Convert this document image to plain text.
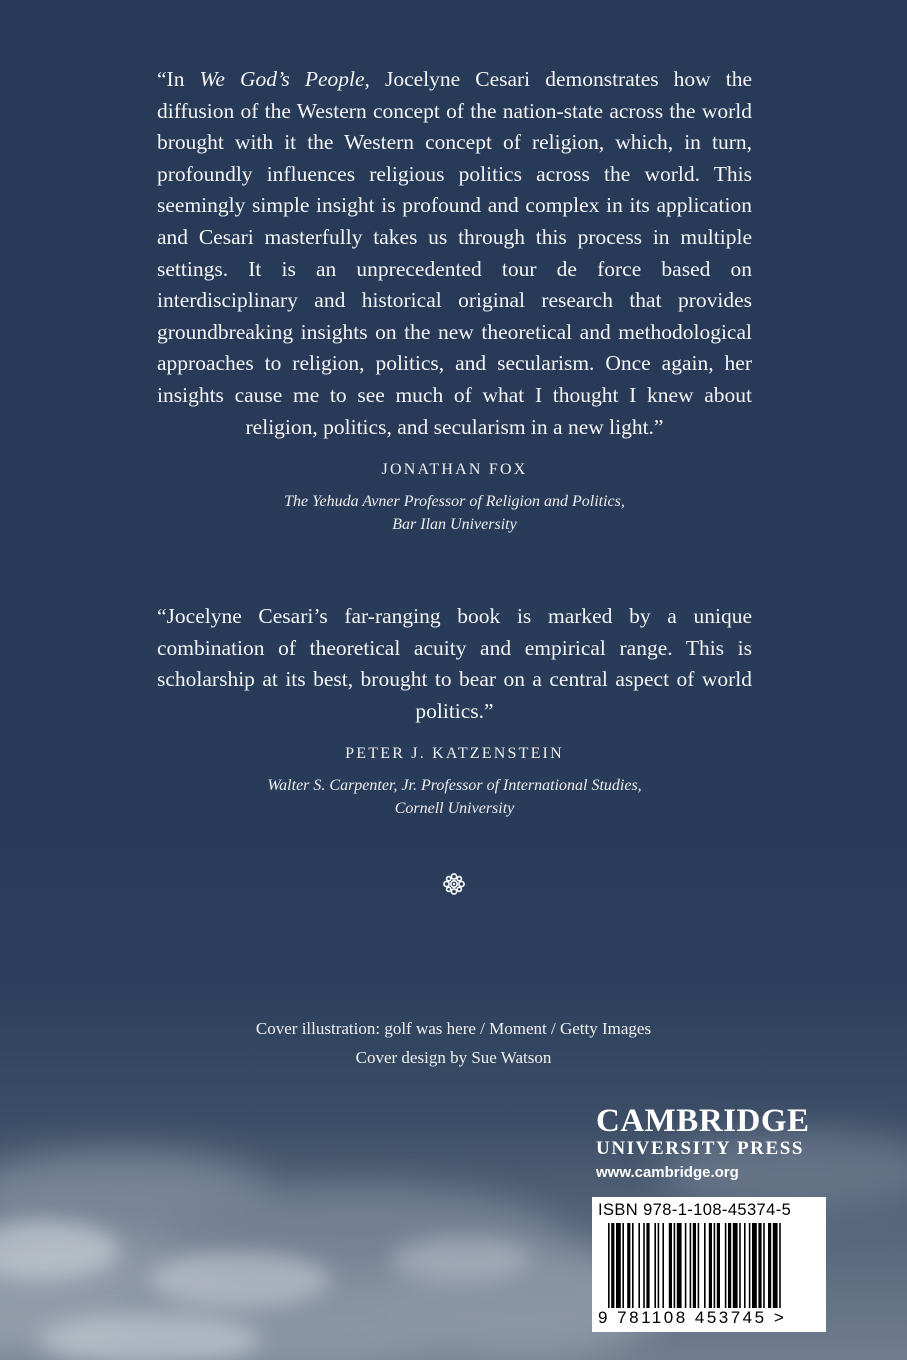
“In We God’s People, Jocelyne Cesari demonstrates how the diffusion of the Western concept of the nation-state across the world brought with it the Western concept of religion, which, in turn, profoundly influences religious politics across the world. This seemingly simple insight is profound and complex in its application and Cesari masterfully takes us through this process in multiple settings. It is an unprecedented tour de force based on interdisciplinary and historical original research that provides groundbreaking insights on the new theoretical and methodological approaches to religion, politics, and secularism. Once again, her insights cause me to see much of what I thought I knew about religion, politics, and secularism in a new light.”
JONATHAN FOX
The Yehuda Avner Professor of Religion and Politics,
Bar Ilan University
“Jocelyne Cesari’s far-ranging book is marked by a unique combination of theoretical acuity and empirical range. This is scholarship at its best, brought to bear on a central aspect of world politics.”
PETER J. KATZENSTEIN
Walter S. Carpenter, Jr. Professor of International Studies,
Cornell University
Cover illustration: golf was here / Moment / Getty Images
Cover design by Sue Watson
CAMBRIDGE
UNIVERSITY PRESS
www.cambridge.org
ISBN 978-1-108-45374-5
9 781108 453745 >
